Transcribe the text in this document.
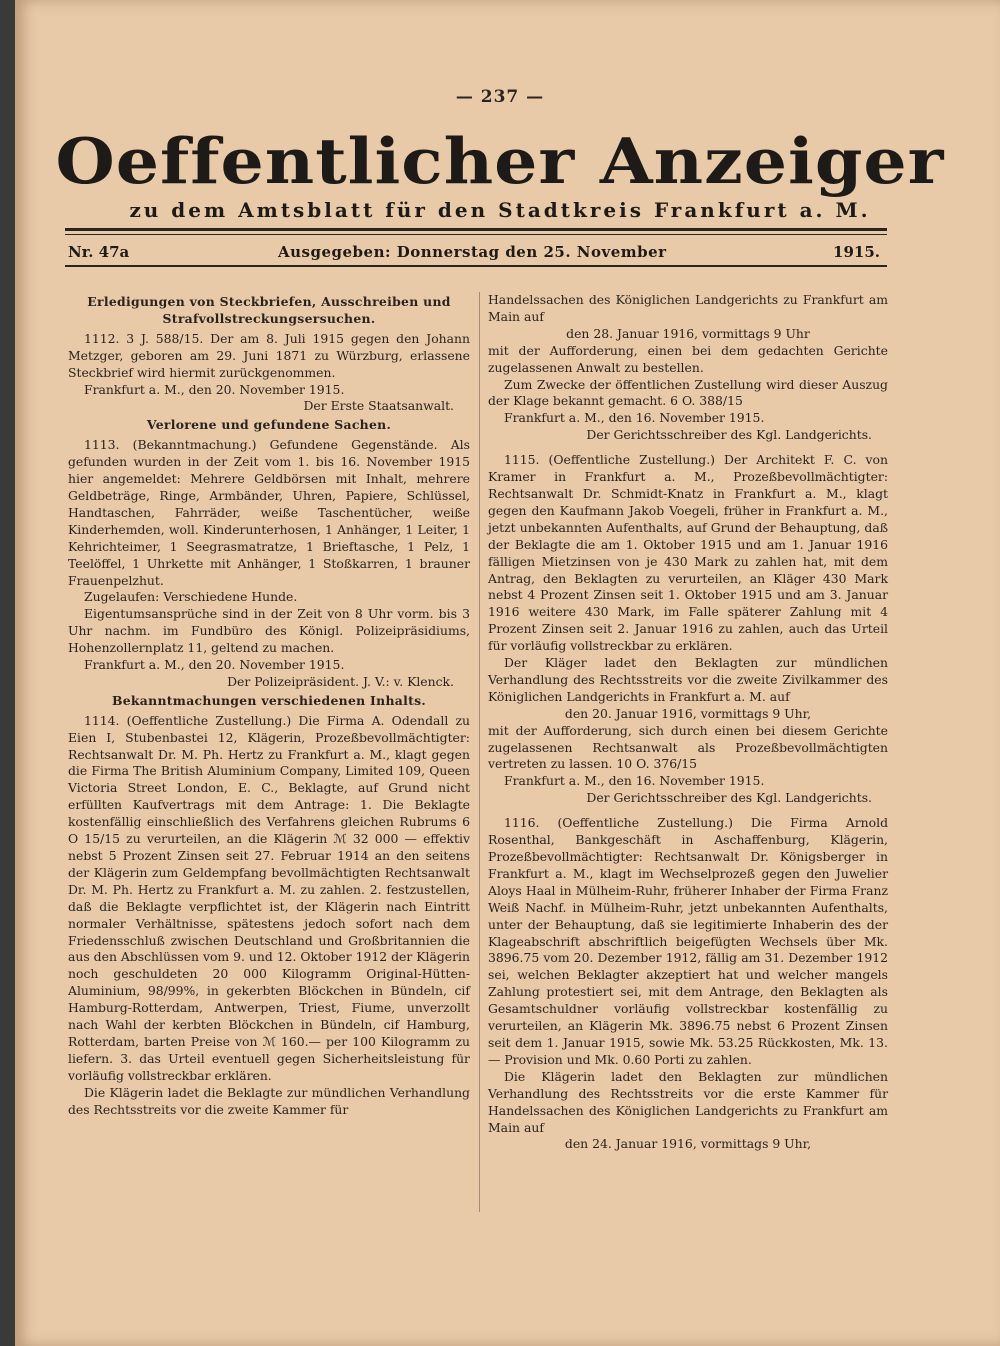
— 237 —
Oeffentlicher Anzeiger
zu dem Amtsblatt für den Stadtkreis Frankfurt a. M.
Nr. 47a	Ausgegeben: Donnerstag den 25. November	1915.

Erledigungen von Steckbriefen, Ausschreiben und Strafvollstreckungsersuchen.

1112. 3 J. 588/15. Der am 8. Juli 1915 gegen den Johann Metzger, geboren am 29. Juni 1871 zu Würzburg, erlassene Steckbrief wird hiermit zurückgenommen.

Frankfurt a. M., den 20. November 1915.

Der Erste Staatsanwalt.

Verlorene und gefundene Sachen.

1113. (Bekanntmachung.) Gefundene Gegenstände. Als gefunden wurden in der Zeit vom 1. bis 16. November 1915 hier angemeldet: Mehrere Geldbörsen mit Inhalt, mehrere Geldbeträge, Ringe, Armbänder, Uhren, Papiere, Schlüssel, Handtaschen, Fahrräder, weiße Taschentücher, weiße Kinderhemden, woll. Kinderunterhosen, 1 Anhänger, 1 Leiter, 1 Kehrichteimer, 1 Seegrasmatratze, 1 Brieftasche, 1 Pelz, 1 Teelöffel, 1 Uhrkette mit Anhänger, 1 Stoßkarren, 1 brauner Frauenpelzhut.

Zugelaufen: Verschiedene Hunde.

Eigentumsansprüche sind in der Zeit von 8 Uhr vorm. bis 3 Uhr nachm. im Fundbüro des Königl. Polizeipräsidiums, Hohenzollernplatz 11, geltend zu machen.

Frankfurt a. M., den 20. November 1915.

Der Polizeipräsident. J. V.: v. Klenck.

Bekanntmachungen verschiedenen Inhalts.

1114. (Oeffentliche Zustellung.) Die Firma A. Odendall zu Eien I, Stubenbastei 12, Klägerin, Prozeßbevollmächtigter: Rechtsanwalt Dr. M. Ph. Hertz zu Frankfurt a. M., klagt gegen die Firma The British Aluminium Company, Limited 109, Queen Victoria Street London, E. C., Beklagte, auf Grund nicht erfüllten Kaufvertrags mit dem Antrage: 1. Die Beklagte kostenfällig einschließlich des Verfahrens gleichen Rubrums 6 O 15/15 zu verurteilen, an die Klägerin ℳ 32 000 — effektiv nebst 5 Prozent Zinsen seit 27. Februar 1914 an den seitens der Klägerin zum Geldempfang bevollmächtigten Rechtsanwalt Dr. M. Ph. Hertz zu Frankfurt a. M. zu zahlen. 2. festzustellen, daß die Beklagte verpflichtet ist, der Klägerin nach Eintritt normaler Verhältnisse, spätestens jedoch sofort nach dem Friedensschluß zwischen Deutschland und Großbritannien die aus den Abschlüssen vom 9. und 12. Oktober 1912 der Klägerin noch geschuldeten 20 000 Kilogramm Original-Hütten-Aluminium, 98/99%, in gekerbten Blöckchen in Bündeln, cif Hamburg-Rotterdam, Antwerpen, Triest, Fiume, unverzollt nach Wahl der kerbten Blöckchen in Bündeln, cif Hamburg, Rotterdam, barten Preise von ℳ 160.— per 100 Kilogramm zu liefern. 3. das Urteil eventuell gegen Sicherheitsleistung für vorläufig vollstreckbar erklären.

Die Klägerin ladet die Beklagte zur mündlichen Verhandlung des Rechtsstreits vor die zweite Kammer für

Handelssachen des Königlichen Landgerichts zu Frankfurt am Main auf

den 28. Januar 1916, vormittags 9 Uhr

mit der Aufforderung, einen bei dem gedachten Gerichte zugelassenen Anwalt zu bestellen.

Zum Zwecke der öffentlichen Zustellung wird dieser Auszug der Klage bekannt gemacht. 6 O. 388/15

Frankfurt a. M., den 16. November 1915.

Der Gerichtsschreiber des Kgl. Landgerichts.

1115. (Oeffentliche Zustellung.) Der Architekt F. C. von Kramer in Frankfurt a. M., Prozeßbevollmächtigter: Rechtsanwalt Dr. Schmidt-Knatz in Frankfurt a. M., klagt gegen den Kaufmann Jakob Voegeli, früher in Frankfurt a. M., jetzt unbekannten Aufenthalts, auf Grund der Behauptung, daß der Beklagte die am 1. Oktober 1915 und am 1. Januar 1916 fälligen Mietzinsen von je 430 Mark zu zahlen hat, mit dem Antrag, den Beklagten zu verurteilen, an Kläger 430 Mark nebst 4 Prozent Zinsen seit 1. Oktober 1915 und am 3. Januar 1916 weitere 430 Mark, im Falle späterer Zahlung mit 4 Prozent Zinsen seit 2. Januar 1916 zu zahlen, auch das Urteil für vorläufig vollstreckbar zu erklären.

Der Kläger ladet den Beklagten zur mündlichen Verhandlung des Rechtsstreits vor die zweite Zivilkammer des Königlichen Landgerichts in Frankfurt a. M. auf

den 20. Januar 1916, vormittags 9 Uhr,

mit der Aufforderung, sich durch einen bei diesem Gerichte zugelassenen Rechtsanwalt als Prozeßbevollmächtigten vertreten zu lassen. 10 O. 376/15

Frankfurt a. M., den 16. November 1915.

Der Gerichtsschreiber des Kgl. Landgerichts.

1116. (Oeffentliche Zustellung.) Die Firma Arnold Rosenthal, Bankgeschäft in Aschaffenburg, Klägerin, Prozeßbevollmächtigter: Rechtsanwalt Dr. Königsberger in Frankfurt a. M., klagt im Wechselprozeß gegen den Juwelier Aloys Haal in Mülheim-Ruhr, früherer Inhaber der Firma Franz Weiß Nachf. in Mülheim-Ruhr, jetzt unbekannten Aufenthalts, unter der Behauptung, daß sie legitimierte Inhaberin des der Klageabschrift abschriftlich beigefügten Wechsels über Mk. 3896.75 vom 20. Dezember 1912, fällig am 31. Dezember 1912 sei, welchen Beklagter akzeptiert hat und welcher mangels Zahlung protestiert sei, mit dem Antrage, den Beklagten als Gesamtschuldner vorläufig vollstreckbar kostenfällig zu verurteilen, an Klägerin Mk. 3896.75 nebst 6 Prozent Zinsen seit dem 1. Januar 1915, sowie Mk. 53.25 Rückkosten, Mk. 13.— Provision und Mk. 0.60 Porti zu zahlen.

Die Klägerin ladet den Beklagten zur mündlichen Verhandlung des Rechtsstreits vor die erste Kammer für Handelssachen des Königlichen Landgerichts zu Frankfurt am Main auf

den 24. Januar 1916, vormittags 9 Uhr,
